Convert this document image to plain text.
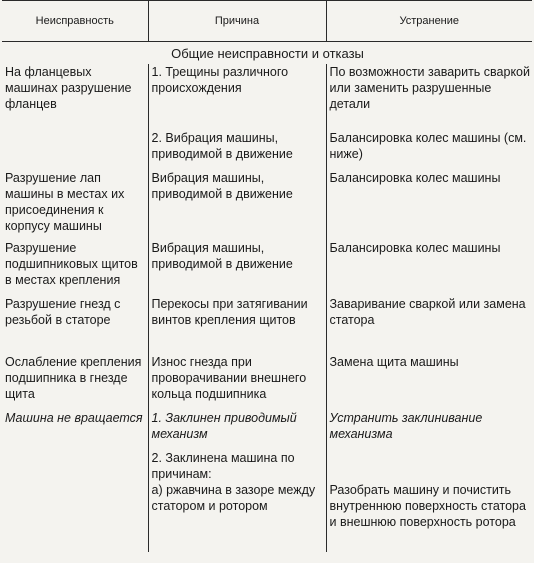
Неисправность	Причина	Устранение
Общие неисправности и отказы		
На фланцевых машинах разрушение фланцев	1. Трещины различного происхождения	По возможности заварить сваркой или заменить разрушенные детали
	2. Вибрация машины, приводимой в движение	Балансировка колес машины (см. ниже)
Разрушение лап машины в местах их присоединения к корпусу машины	Вибрация машины, приводимой в движение	Балансировка колес машины
Разрушение подшипниковых щитов в местах крепления	Вибрация машины, приводимой в движение	Балансировка колес машины
Разрушение гнезд с резьбой в статоре	Перекосы при затягивании винтов крепления щитов	Заваривание сваркой или замена статора
Ослабление крепления подшипника в гнезде щита	Износ гнезда при проворачивании внешнего кольца подшипника	Замена щита машины
Машина не вращается	1. Заклинен приводимый механизм	Устранить заклинивание механизма
	2. Заклинена машина по причинам:	
	а) ржавчина в зазоре между статором и ротором	Разобрать машину и почистить внутреннюю поверхность статора и внешнюю поверхность ротора
